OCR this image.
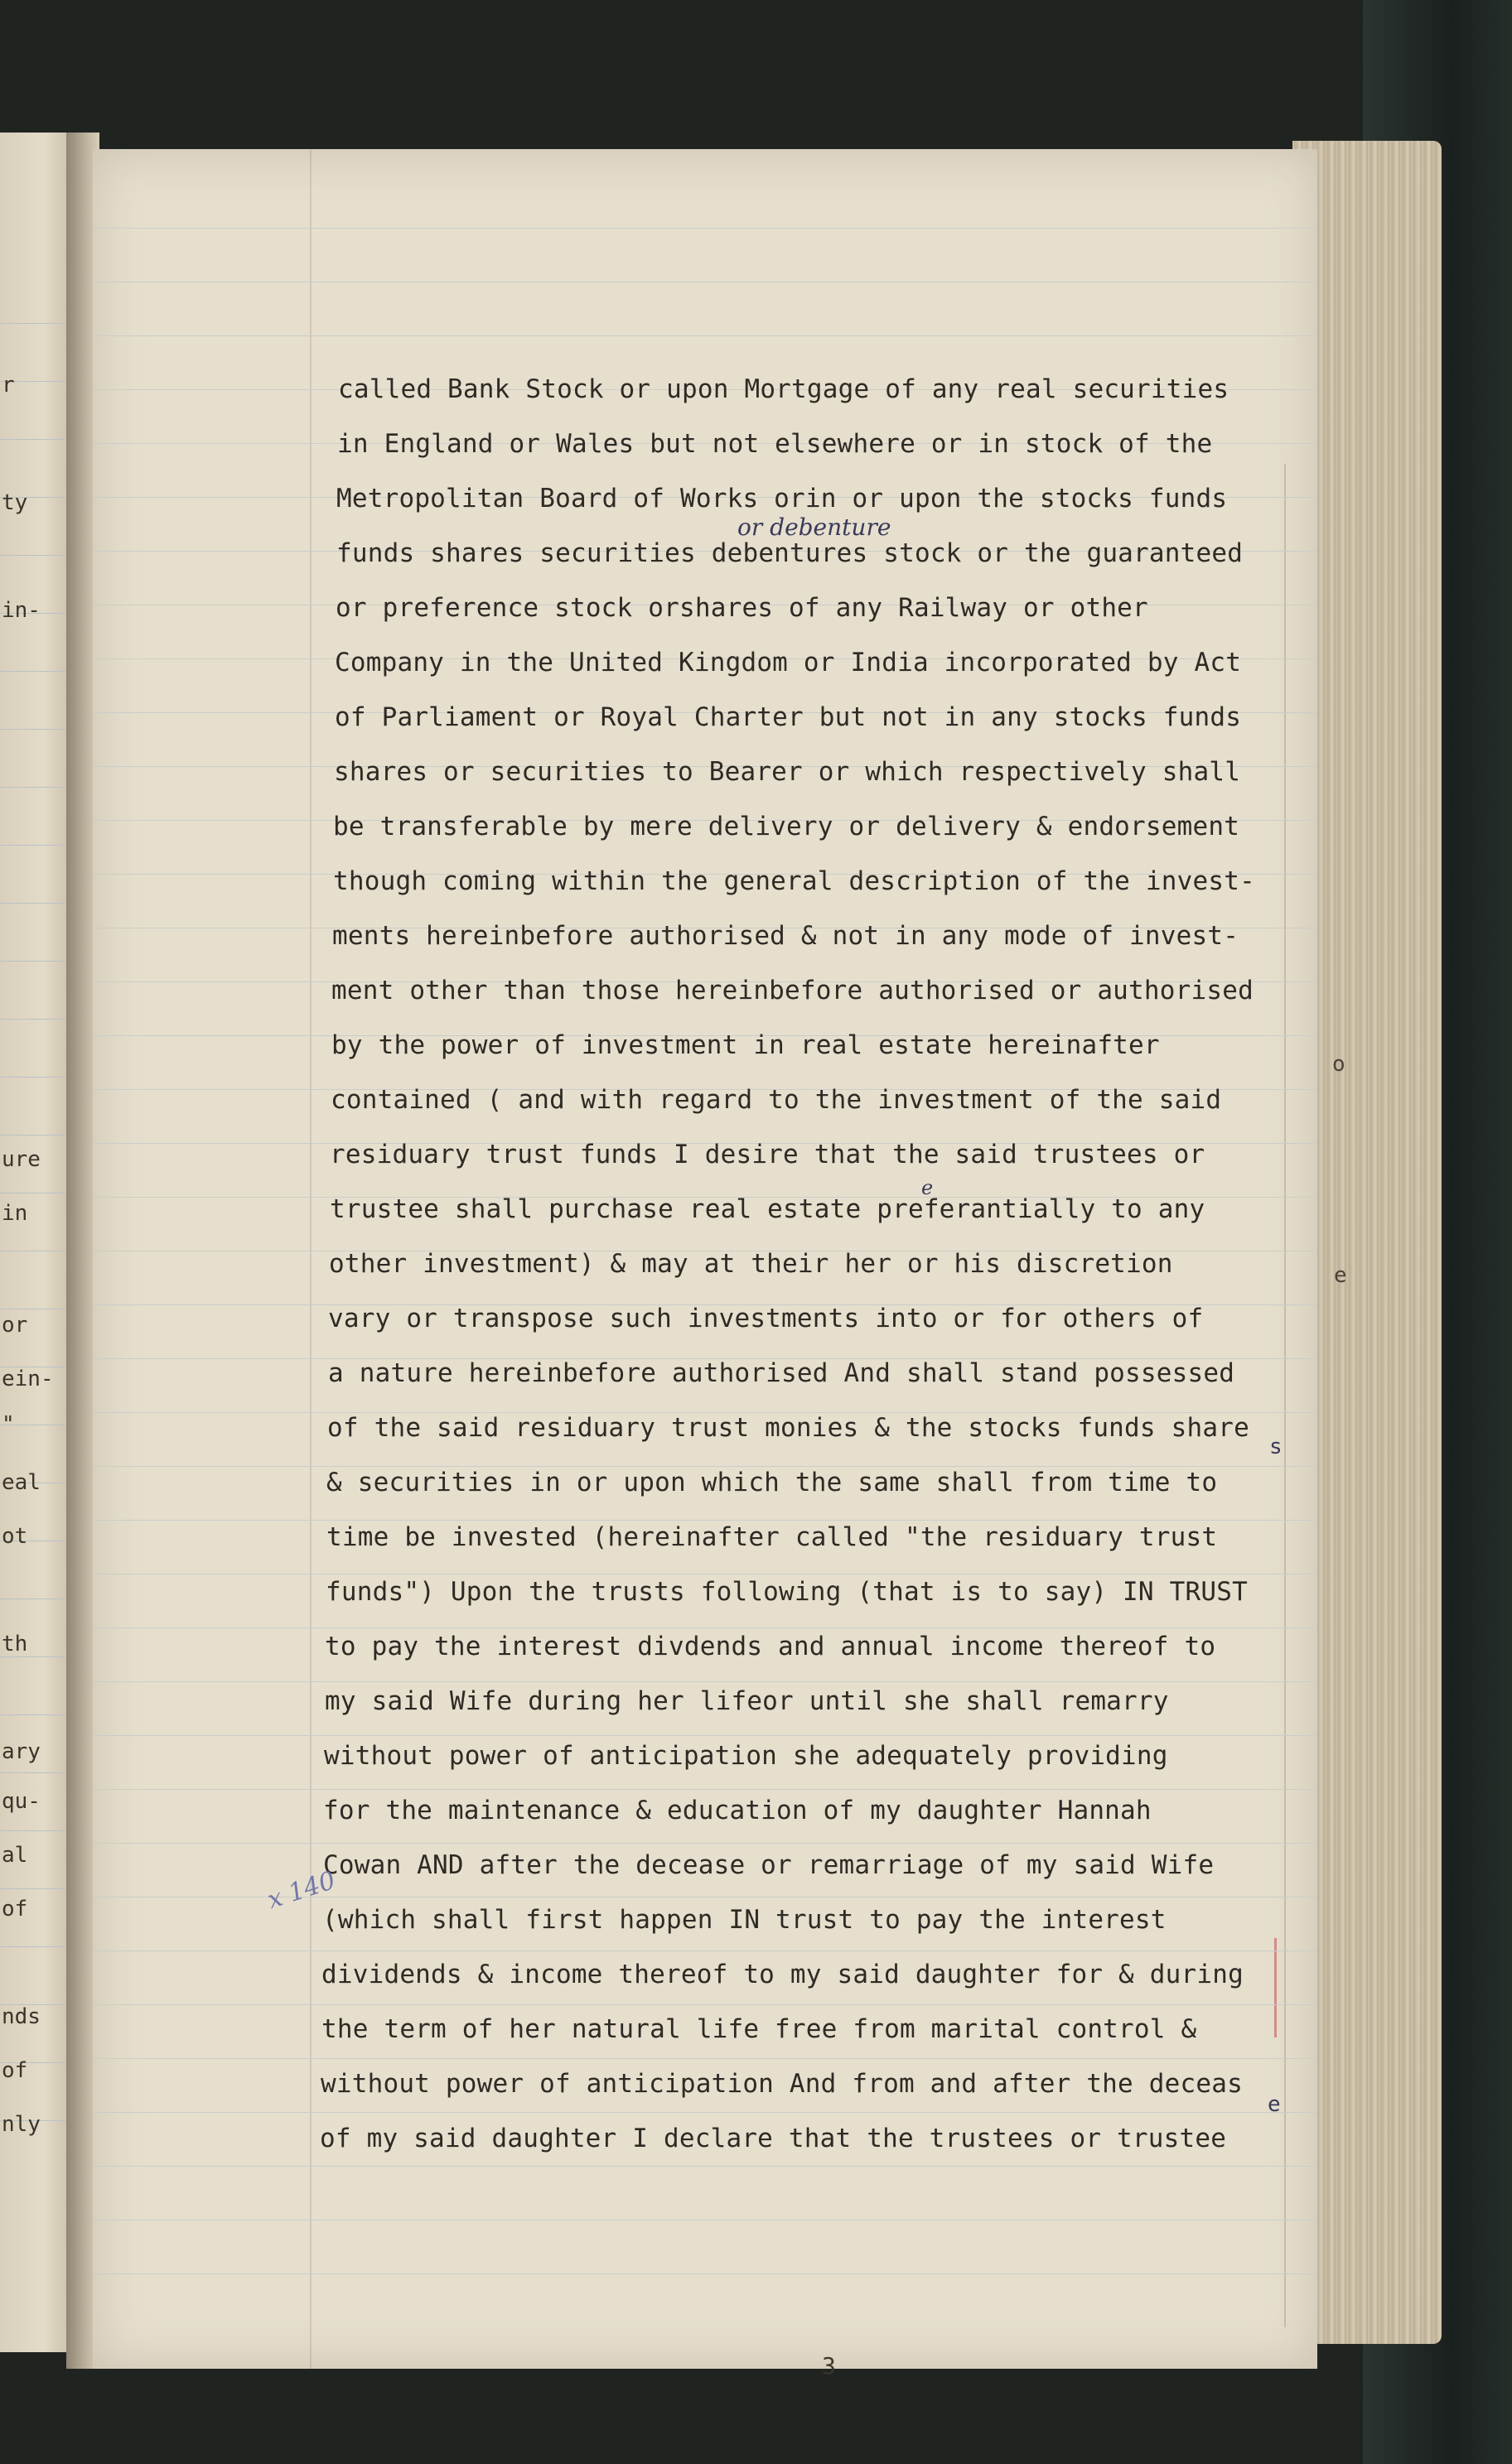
o
e
r
ty
in-
ure
in
or
ein-
"
eal
ot
th
ary
qu-
al
of
nds
of
nly
called Bank Stock or upon Mortgage of any real securities
in England or Wales but not elsewhere or in stock of the
Metropolitan Board of Works orin or upon the stocks funds
funds shares securities debentures stock or the guaranteed
or preference stock orshares of any Railway or other
Company in the United Kingdom or India incorporated by Act
of Parliament or Royal Charter but not in any stocks funds
shares or securities to Bearer or which respectively shall
be transferable by mere delivery or delivery & endorsement
though coming within the general description of the invest-
ments hereinbefore authorised & not in any mode of invest-
ment other than those hereinbefore authorised or authorised
by the power of investment in real estate hereinafter
contained ( and with regard to the investment of the said
residuary trust funds I desire that the said trustees or
trustee shall purchase real estate preferantially to any
other investment) & may at their her or his discretion
vary or transpose such investments into or for others of
a nature hereinbefore authorised And shall stand possessed
of the said residuary trust monies & the stocks funds share
& securities in or upon which the same shall from time to
time be invested (hereinafter called "the residuary trust
funds") Upon the trusts following (that is to say) IN TRUST
to pay the interest divdends and annual income thereof to
my said Wife during her lifeor until she shall remarry
without power of anticipation she adequately providing
for the maintenance & education of my daughter Hannah
Cowan AND after the decease or remarriage of my said Wife
(which shall first happen IN trust to pay the interest
dividends & income thereof to my said daughter for & during
the term of her natural life free from marital control &
without power of anticipation And from and after the deceas
of my said daughter I declare that the trustees or trustee
or debenture
e
s
e
x 140
3
